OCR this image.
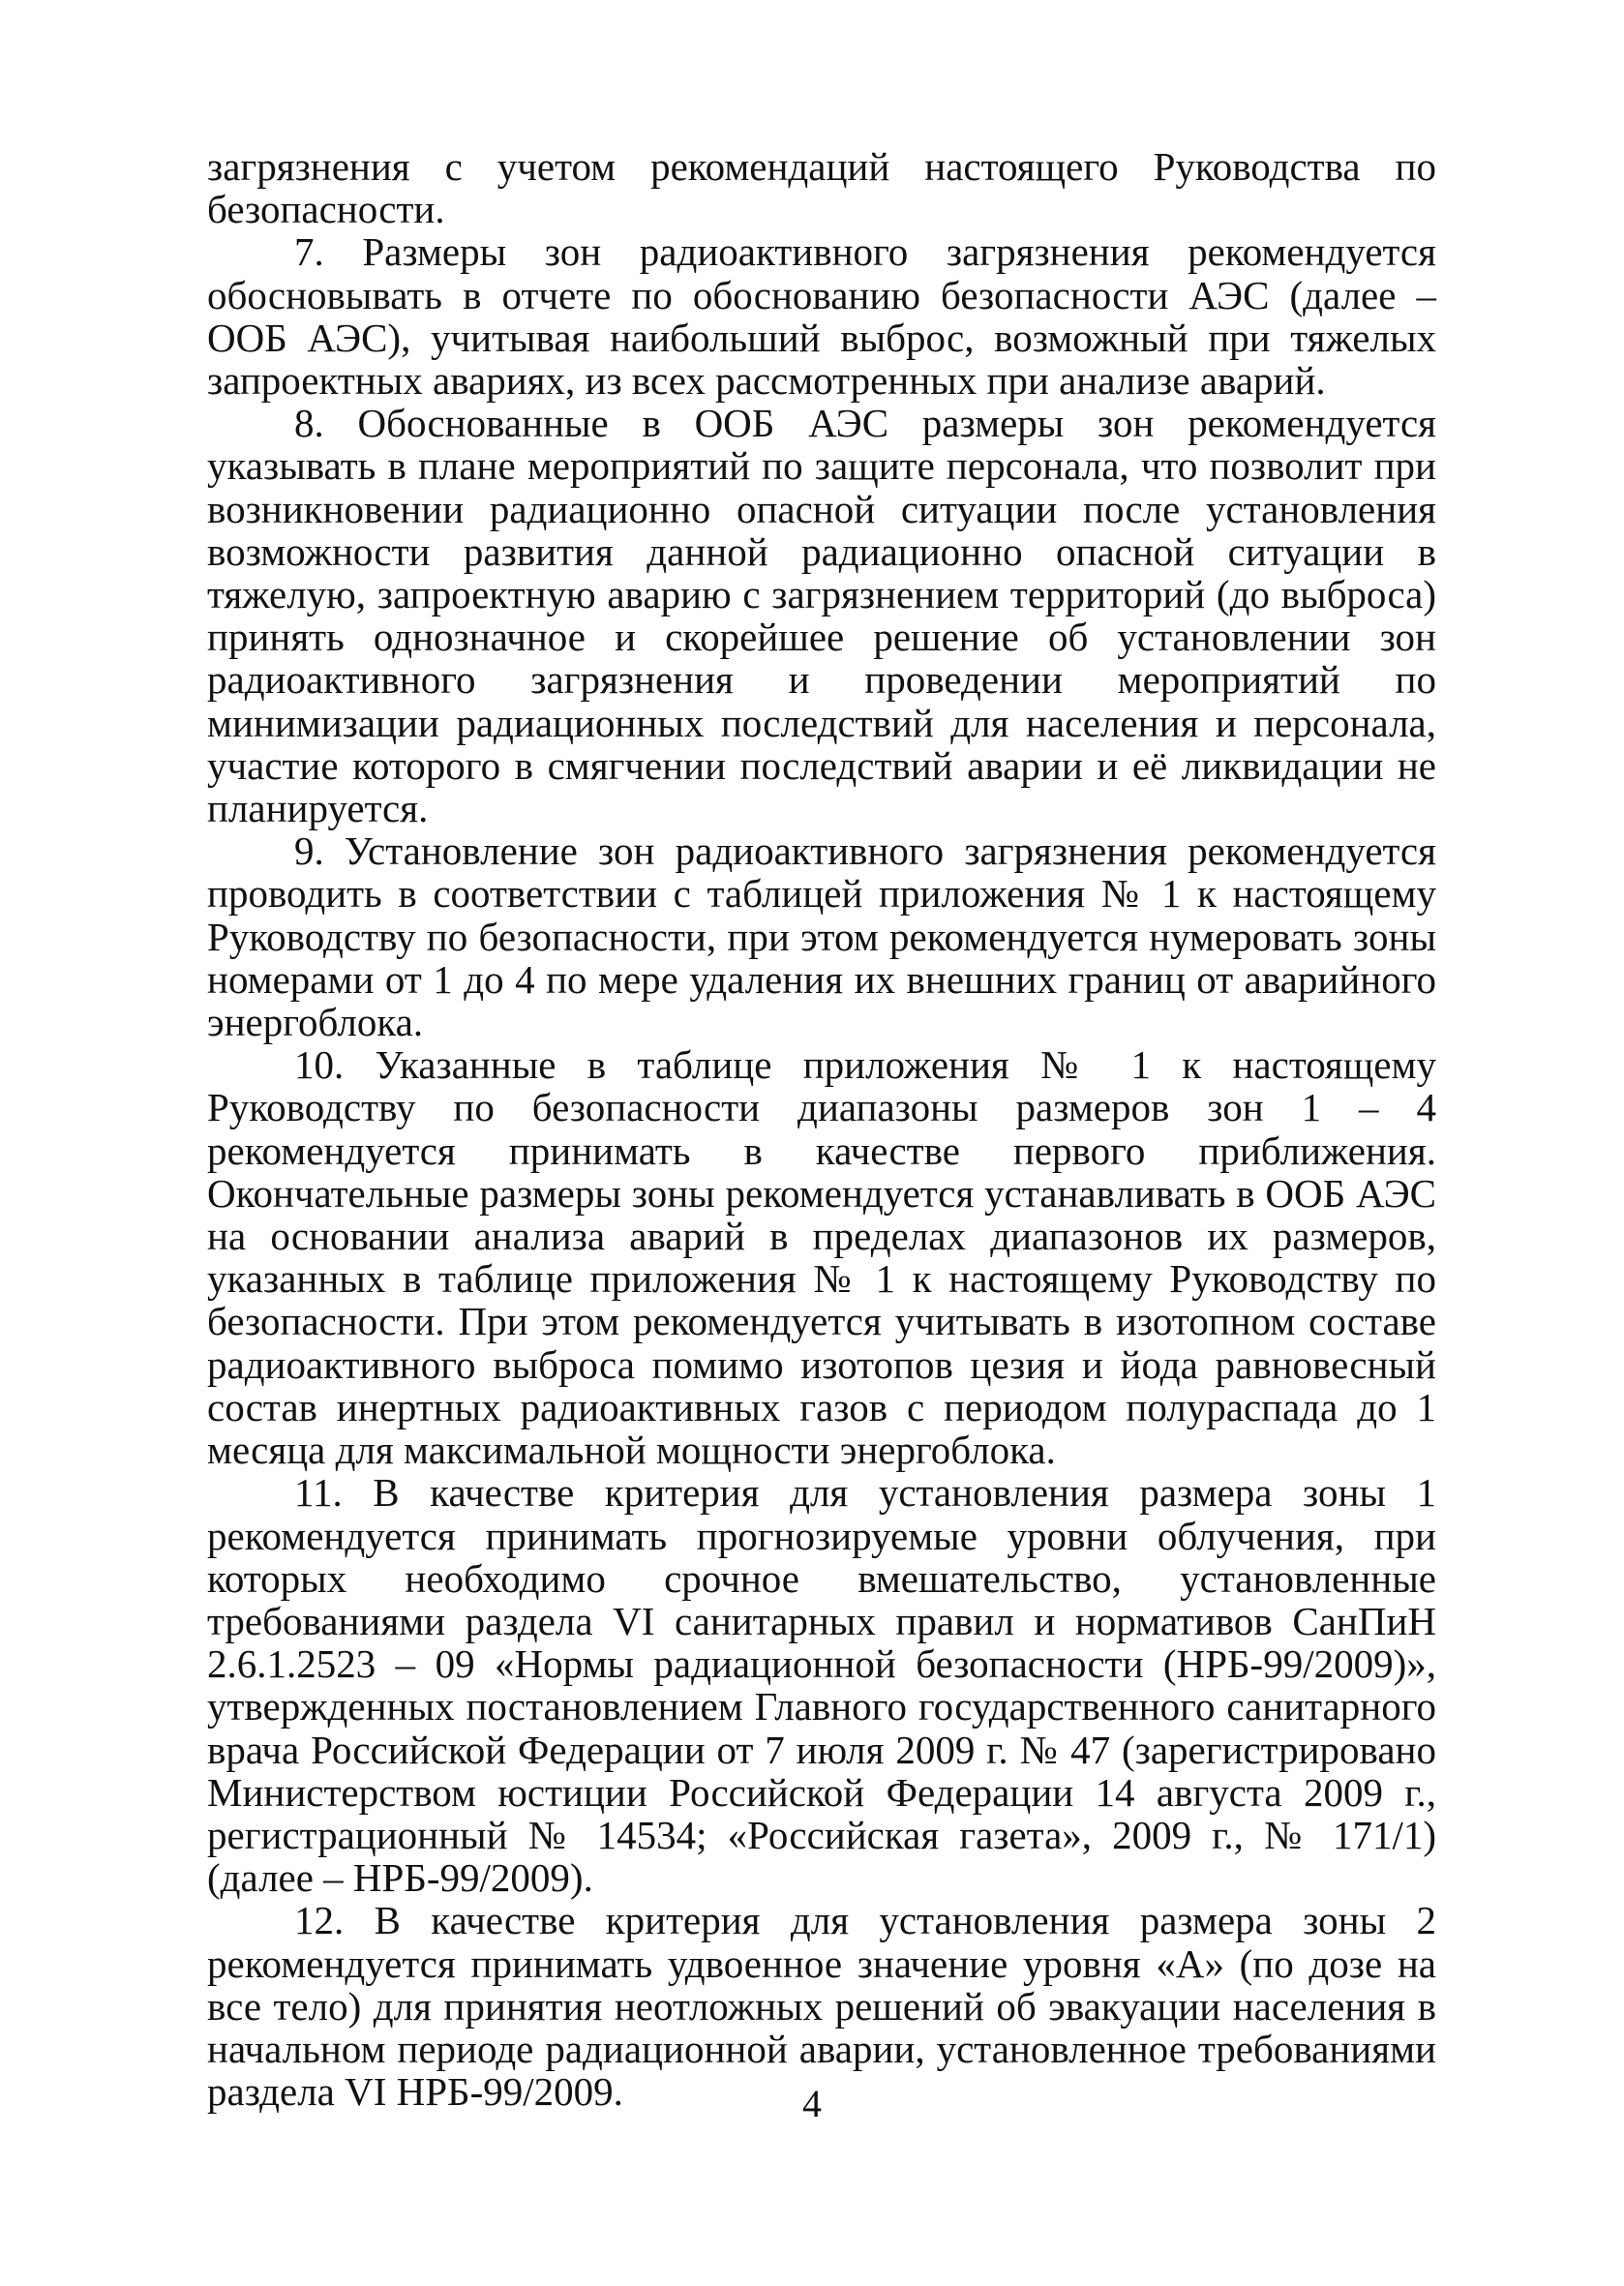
загрязнения с учетом рекомендаций настоящего Руководства по безопасности.

7. Размеры зон радиоактивного загрязнения рекомендуется обосновывать в отчете по обоснованию безопасности АЭС (далее – ООБ АЭС), учитывая наибольший выброс, возможный при тяжелых запроектных авариях, из всех рассмотренных при анализе аварий.

8. Обоснованные в ООБ АЭС размеры зон рекомендуется указывать в плане мероприятий по защите персонала, что позволит при возникновении радиационно опасной ситуации после установления возможности развития данной радиационно опасной ситуации в тяжелую, запроектную аварию с загрязнением территорий (до выброса) принять однозначное и скорейшее решение об установлении зон радиоактивного загрязнения и проведении мероприятий по минимизации радиационных последствий для населения и персонала, участие которого в смягчении последствий аварии и её ликвидации не планируется.

9. Установление зон радиоактивного загрязнения рекомендуется проводить в соответствии с таблицей приложения № 1 к настоящему Руководству по безопасности, при этом рекомендуется нумеровать зоны номерами от 1 до 4 по мере удаления их внешних границ от аварийного энергоблока.

10. Указанные в таблице приложения № 1 к настоящему Руководству по безопасности диапазоны размеров зон 1 – 4 рекомендуется принимать в качестве первого приближения. Окончательные размеры зоны рекомендуется устанавливать в ООБ АЭС на основании анализа аварий в пределах диапазонов их размеров, указанных в таблице приложения № 1 к настоящему Руководству по безопасности. При этом рекомендуется учитывать в изотопном составе радиоактивного выброса помимо изотопов цезия и йода равновесный состав инертных радиоактивных газов с периодом полураспада до 1 месяца для максимальной мощности энергоблока.

11. В качестве критерия для установления размера зоны 1 рекомендуется принимать прогнозируемые уровни облучения, при которых необходимо срочное вмешательство, установленные требованиями раздела VI санитарных правил и нормативов СанПиН 2.6.1.2523 – 09 «Нормы радиационной безопасности (НРБ-99/2009)», утвержденных постановлением Главного государственного санитарного врача Российской Федерации от 7 июля 2009 г. № 47 (зарегистрировано Министерством юстиции Российской Федерации 14 августа 2009 г., регистрационный № 14534; «Российская газета», 2009 г., № 171/1) (далее – НРБ-99/2009).

12. В качестве критерия для установления размера зоны 2 рекомендуется принимать удвоенное значение уровня «А» (по дозе на все тело) для принятия неотложных решений об эвакуации населения в начальном периоде радиационной аварии, установленное требованиями раздела VI НРБ-99/2009.	4
